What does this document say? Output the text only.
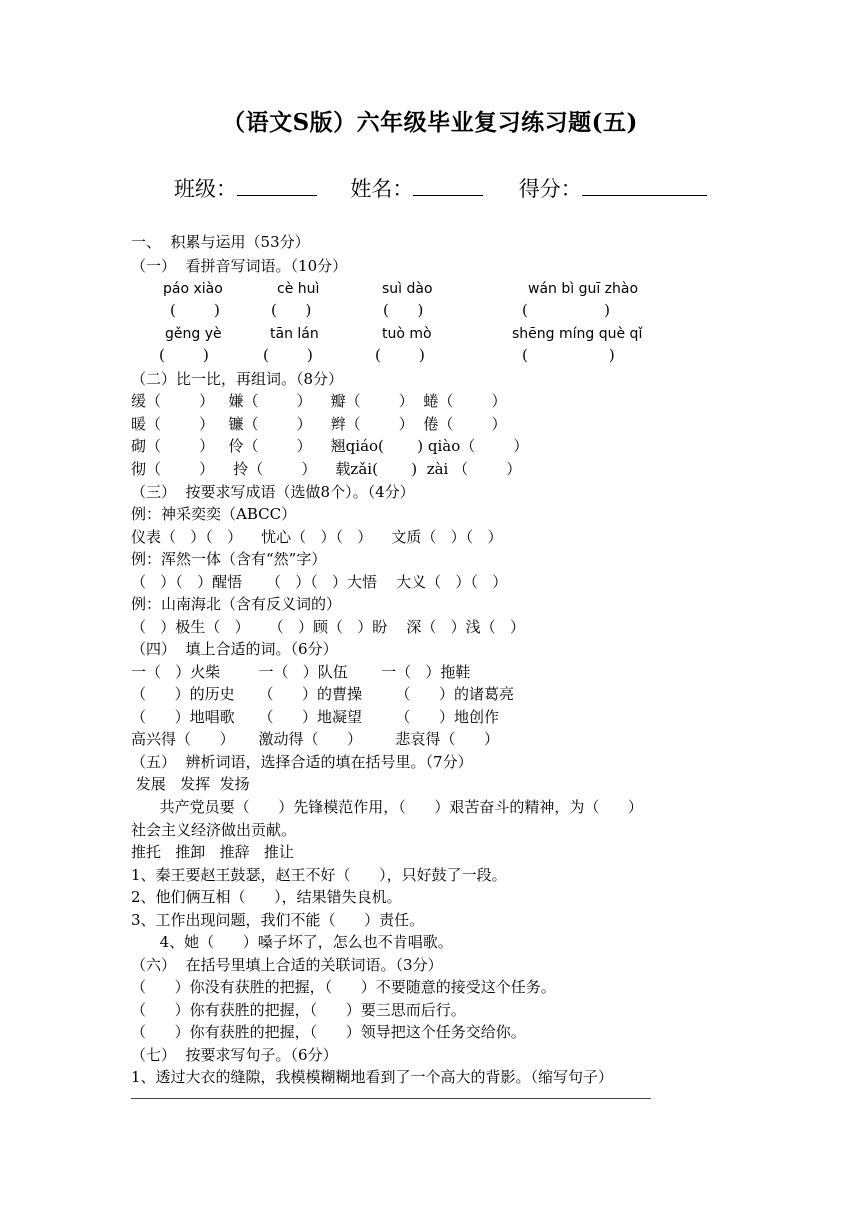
（语文S版）六年级毕业复习练习题(五)
班级：	姓名：	得分：
一、  积累与运用（53分）
（一）  看拼音写词语。（10分）
páo xiào	cè huì	suì dào	wán bì guī zhào
(        )	(      )	(      )	(                )
gěng yè	tān lán	tuò mò	shēng míng què qǐ
(        )	(        )	(        )	(                 )
（二）比一比，再组词。（8分）
缓（        ）   嫌（        ）    瓣（        ）  蜷（        ）
暖（        ）   镰（        ）    辫（        ）  倦（        ）
砌（        ）   伶（        ）    翘qiáo(       ) qiào（        ）
彻（        ）    拎（        ）    载zǎi(       )  zài （        ）
（三）  按要求写成语（选做8个）。（4分）
例：神采奕奕（ABCC）
仪表（   ）（   ）    忧心（   ）（   ）    文质（   ）（   ）
例：浑然一体（含有“然”字）
（   ）（   ）醒悟     （   ）（   ）大悟    大义（   ）（   ）
例：山南海北（含有反义词的）
（   ）极生（   ）    （   ）顾（   ）盼    深（   ）浅（   ）
（四）  填上合适的词。（6分）
一（   ）火柴        一（   ）队伍       一（   ）拖鞋
（      ）的历史     （      ）的曹操       （      ）的诸葛亮
（      ）地唱歌     （      ）地凝望       （      ）地创作
高兴得（      ）     激动得（      ）       悲哀得（      ）
（五）  辨析词语，选择合适的填在括号里。（7分）
发展   发挥  发扬
共产党员要（      ）先锋模范作用，（      ）艰苦奋斗的精神，为（      ）
社会主义经济做出贡献。
推托   推卸   推辞   推让
1、秦王要赵王鼓瑟，赵王不好（      ），只好鼓了一段。
2、他们俩互相（      ），结果错失良机。
3、工作出现问题，我们不能（      ）责任。
4、她（      ）嗓子坏了，怎么也不肯唱歌。
（六）  在括号里填上合适的关联词语。（3分）
（      ）你没有获胜的把握，（      ）不要随意的接受这个任务。
（      ）你有获胜的把握，（      ）要三思而后行。
（      ）你有获胜的把握，（      ）领导把这个任务交给你。
（七）  按要求写句子。（6分）
1、透过大衣的缝隙，我模模糊糊地看到了一个高大的背影。（缩写句子）
